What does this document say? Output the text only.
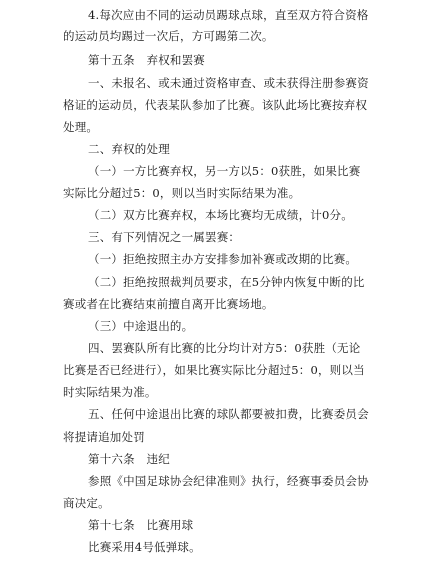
4.每次应由不同的运动员踢球点球，直至双方符合资格
的运动员均踢过一次后，方可踢第二次。
第十五条　弃权和罢赛
一、未报名、或未通过资格审查、或未获得注册参赛资
格证的运动员，代表某队参加了比赛。该队此场比赛按弃权
处理。
二、弃权的处理
（一）一方比赛弃权，另一方以5：0获胜，如果比赛
实际比分超过5：0，则以当时实际结果为准。
（二）双方比赛弃权，本场比赛均无成绩，计0分。
三、有下列情况之一属罢赛：
（一）拒绝按照主办方安排参加补赛或改期的比赛。
（二）拒绝按照裁判员要求，在5分钟内恢复中断的比
赛或者在比赛结束前擅自离开比赛场地。
（三）中途退出的。
四、罢赛队所有比赛的比分均计对方5：0获胜（无论
比赛是否已经进行），如果比赛实际比分超过5：0，则以当
时实际结果为准。
五、任何中途退出比赛的球队都要被扣费，比赛委员会
将提请追加处罚
第十六条　违纪
参照《中国足球协会纪律准则》执行，经赛事委员会协
商决定。
第十七条　比赛用球
比赛采用4号低弹球。
